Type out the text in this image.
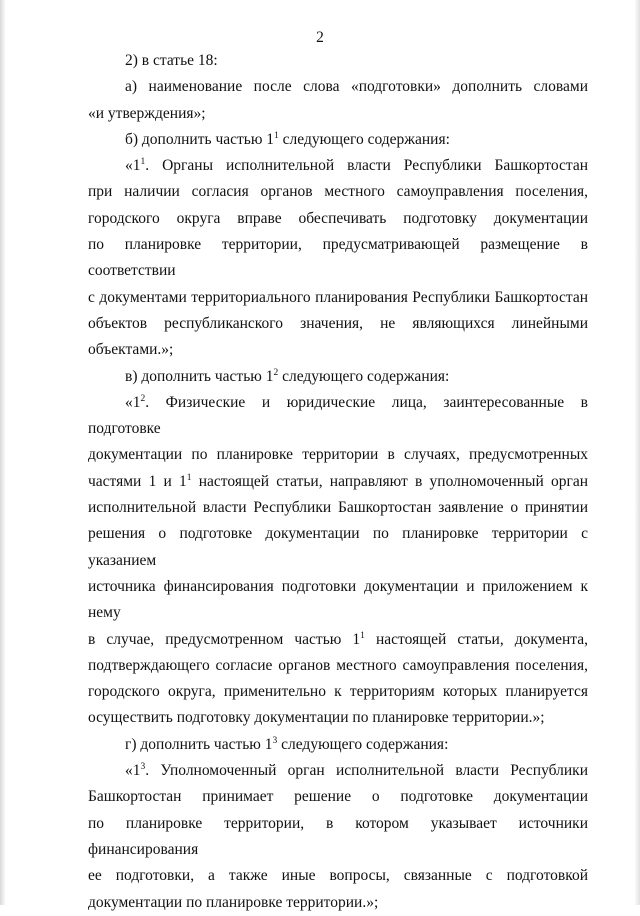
2

2) в статье 18:

а) наименование после слова «подготовки» дополнить словами
«и утверждения»;

б) дополнить частью $1^1$ следующего содержания:

«$1^1$. Органы исполнительной власти Республики Башкортостан
при наличии согласия органов местного самоуправления поселения,
городского округа вправе обеспечивать подготовку документации
по планировке территории, предусматривающей размещение в соответствии
с документами территориального планирования Республики Башкортостан
объектов республиканского значения, не являющихся линейными
объектами.»;

в) дополнить частью $1^2$ следующего содержания:

«$1^2$. Физические и юридические лица, заинтересованные в подготовке
документации по планировке территории в случаях, предусмотренных
частями 1 и $1^1$ настоящей статьи, направляют в уполномоченный орган
исполнительной власти Республики Башкортостан заявление о принятии
решения о подготовке документации по планировке территории с указанием
источника финансирования подготовки документации и приложением к нему
в случае, предусмотренном частью $1^1$ настоящей статьи, документа,
подтверждающего согласие органов местного самоуправления поселения,
городского округа, применительно к территориям которых планируется
осуществить подготовку документации по планировке территории.»;

г) дополнить частью $1^3$ следующего содержания:

«$1^3$. Уполномоченный орган исполнительной власти Республики
Башкортостан принимает решение о подготовке документации
по планировке территории, в котором указывает источники финансирования
ее подготовки, а также иные вопросы, связанные с подготовкой
документации по планировке территории.»;
